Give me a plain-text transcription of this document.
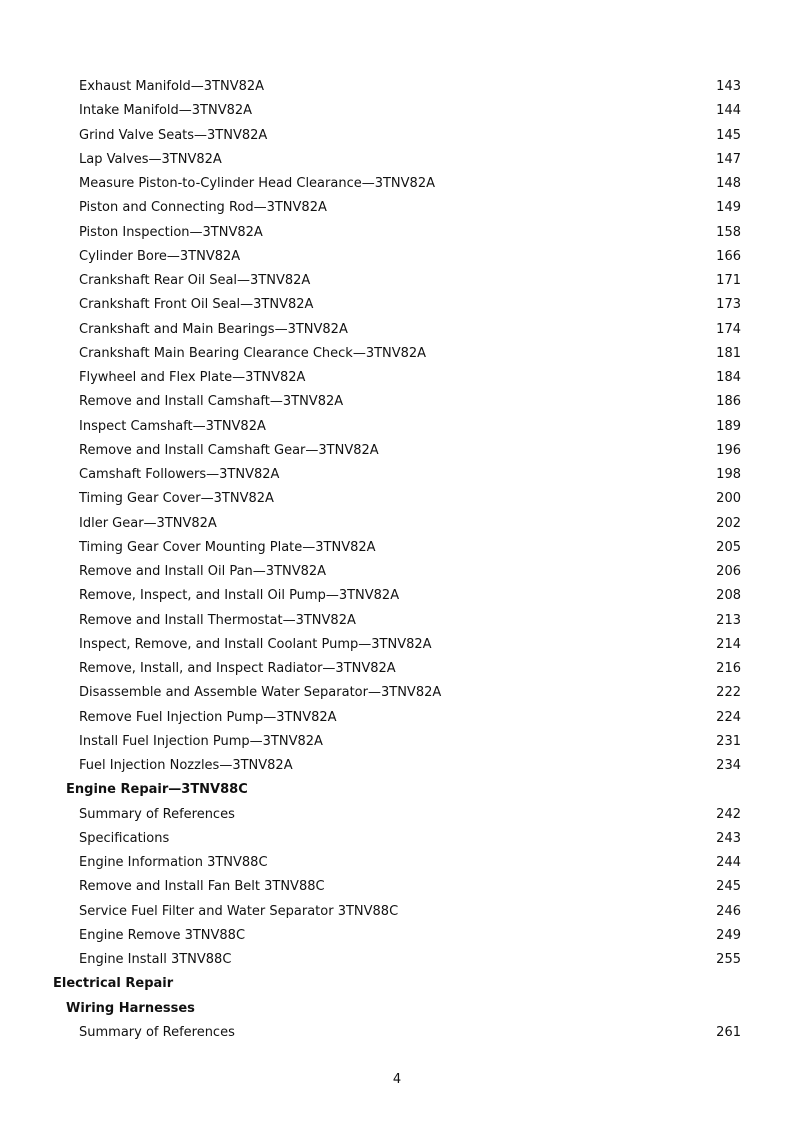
Exhaust Manifold—3TNV82A	143
Intake Manifold—3TNV82A	144
Grind Valve Seats—3TNV82A	145
Lap Valves—3TNV82A	147
Measure Piston-to-Cylinder Head Clearance—3TNV82A	148
Piston and Connecting Rod—3TNV82A	149
Piston Inspection—3TNV82A	158
Cylinder Bore—3TNV82A	166
Crankshaft Rear Oil Seal—3TNV82A	171
Crankshaft Front Oil Seal—3TNV82A	173
Crankshaft and Main Bearings—3TNV82A	174
Crankshaft Main Bearing Clearance Check—3TNV82A	181
Flywheel and Flex Plate—3TNV82A	184
Remove and Install Camshaft—3TNV82A	186
Inspect Camshaft—3TNV82A	189
Remove and Install Camshaft Gear—3TNV82A	196
Camshaft Followers—3TNV82A	198
Timing Gear Cover—3TNV82A	200
Idler Gear—3TNV82A	202
Timing Gear Cover Mounting Plate—3TNV82A	205
Remove and Install Oil Pan—3TNV82A	206
Remove, Inspect, and Install Oil Pump—3TNV82A	208
Remove and Install Thermostat—3TNV82A	213
Inspect, Remove, and Install Coolant Pump—3TNV82A	214
Remove, Install, and Inspect Radiator—3TNV82A	216
Disassemble and Assemble Water Separator—3TNV82A	222
Remove Fuel Injection Pump—3TNV82A	224
Install Fuel Injection Pump—3TNV82A	231
Fuel Injection Nozzles—3TNV82A	234
Engine Repair—3TNV88C
Summary of References	242
Specifications	243
Engine Information 3TNV88C	244
Remove and Install Fan Belt 3TNV88C	245
Service Fuel Filter and Water Separator 3TNV88C	246
Engine Remove 3TNV88C	249
Engine Install 3TNV88C	255
Electrical Repair
Wiring Harnesses
Summary of References	261
4
